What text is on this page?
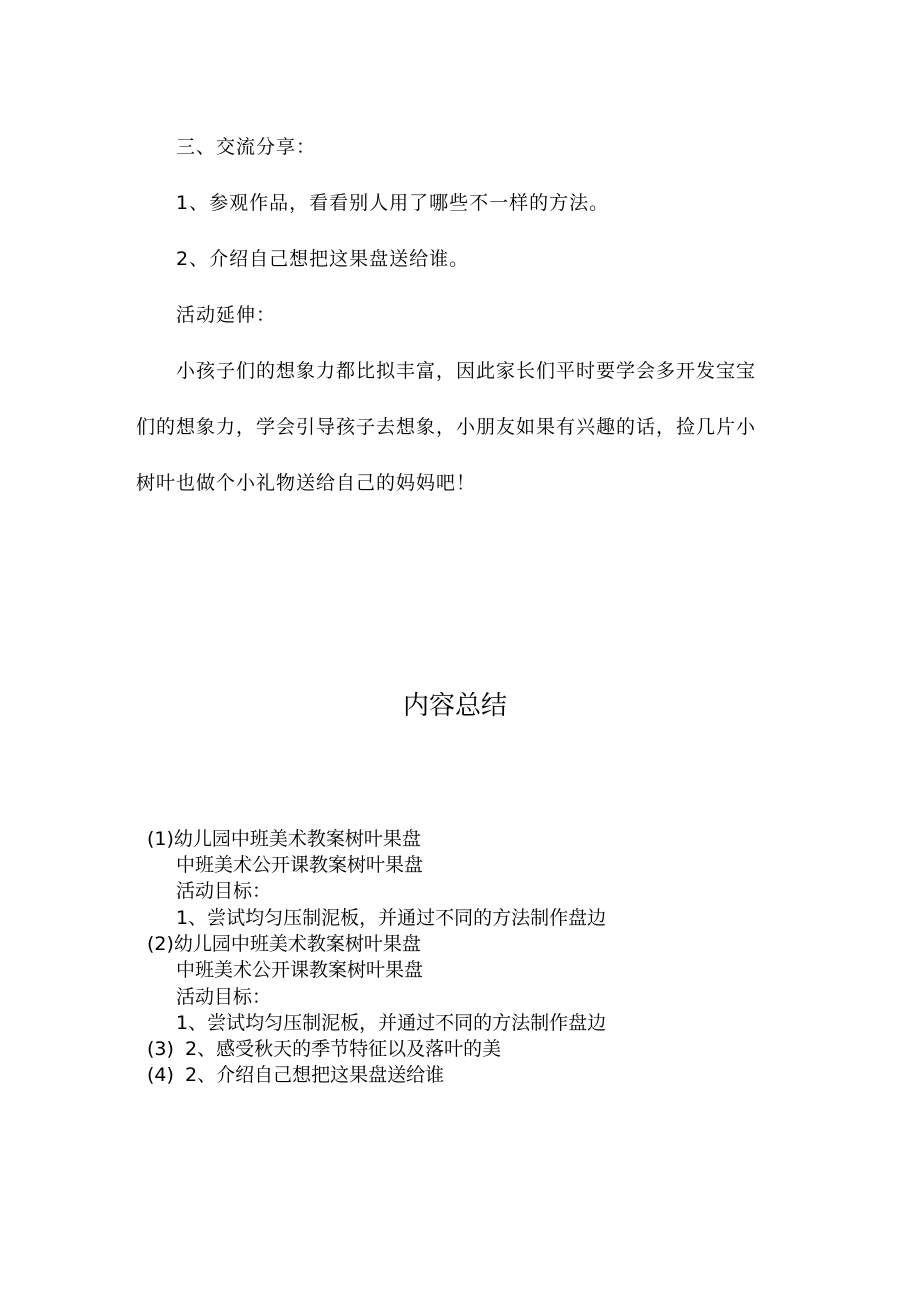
三、交流分享：
1、参观作品，看看别人用了哪些不一样的方法。
2、介绍自己想把这果盘送给谁。
活动延伸：
小孩子们的想象力都比拟丰富，因此家长们平时要学会多开发宝宝
们的想象力，学会引导孩子去想象，小朋友如果有兴趣的话，捡几片小
树叶也做个小礼物送给自己的妈妈吧！
内容总结
(1)幼儿园中班美术教案树叶果盘
中班美术公开课教案树叶果盘
活动目标：
1、尝试均匀压制泥板，并通过不同的方法制作盘边
(2)幼儿园中班美术教案树叶果盘
中班美术公开课教案树叶果盘
活动目标：
1、尝试均匀压制泥板，并通过不同的方法制作盘边
(3) 2、感受秋天的季节特征以及落叶的美
(4) 2、介绍自己想把这果盘送给谁
